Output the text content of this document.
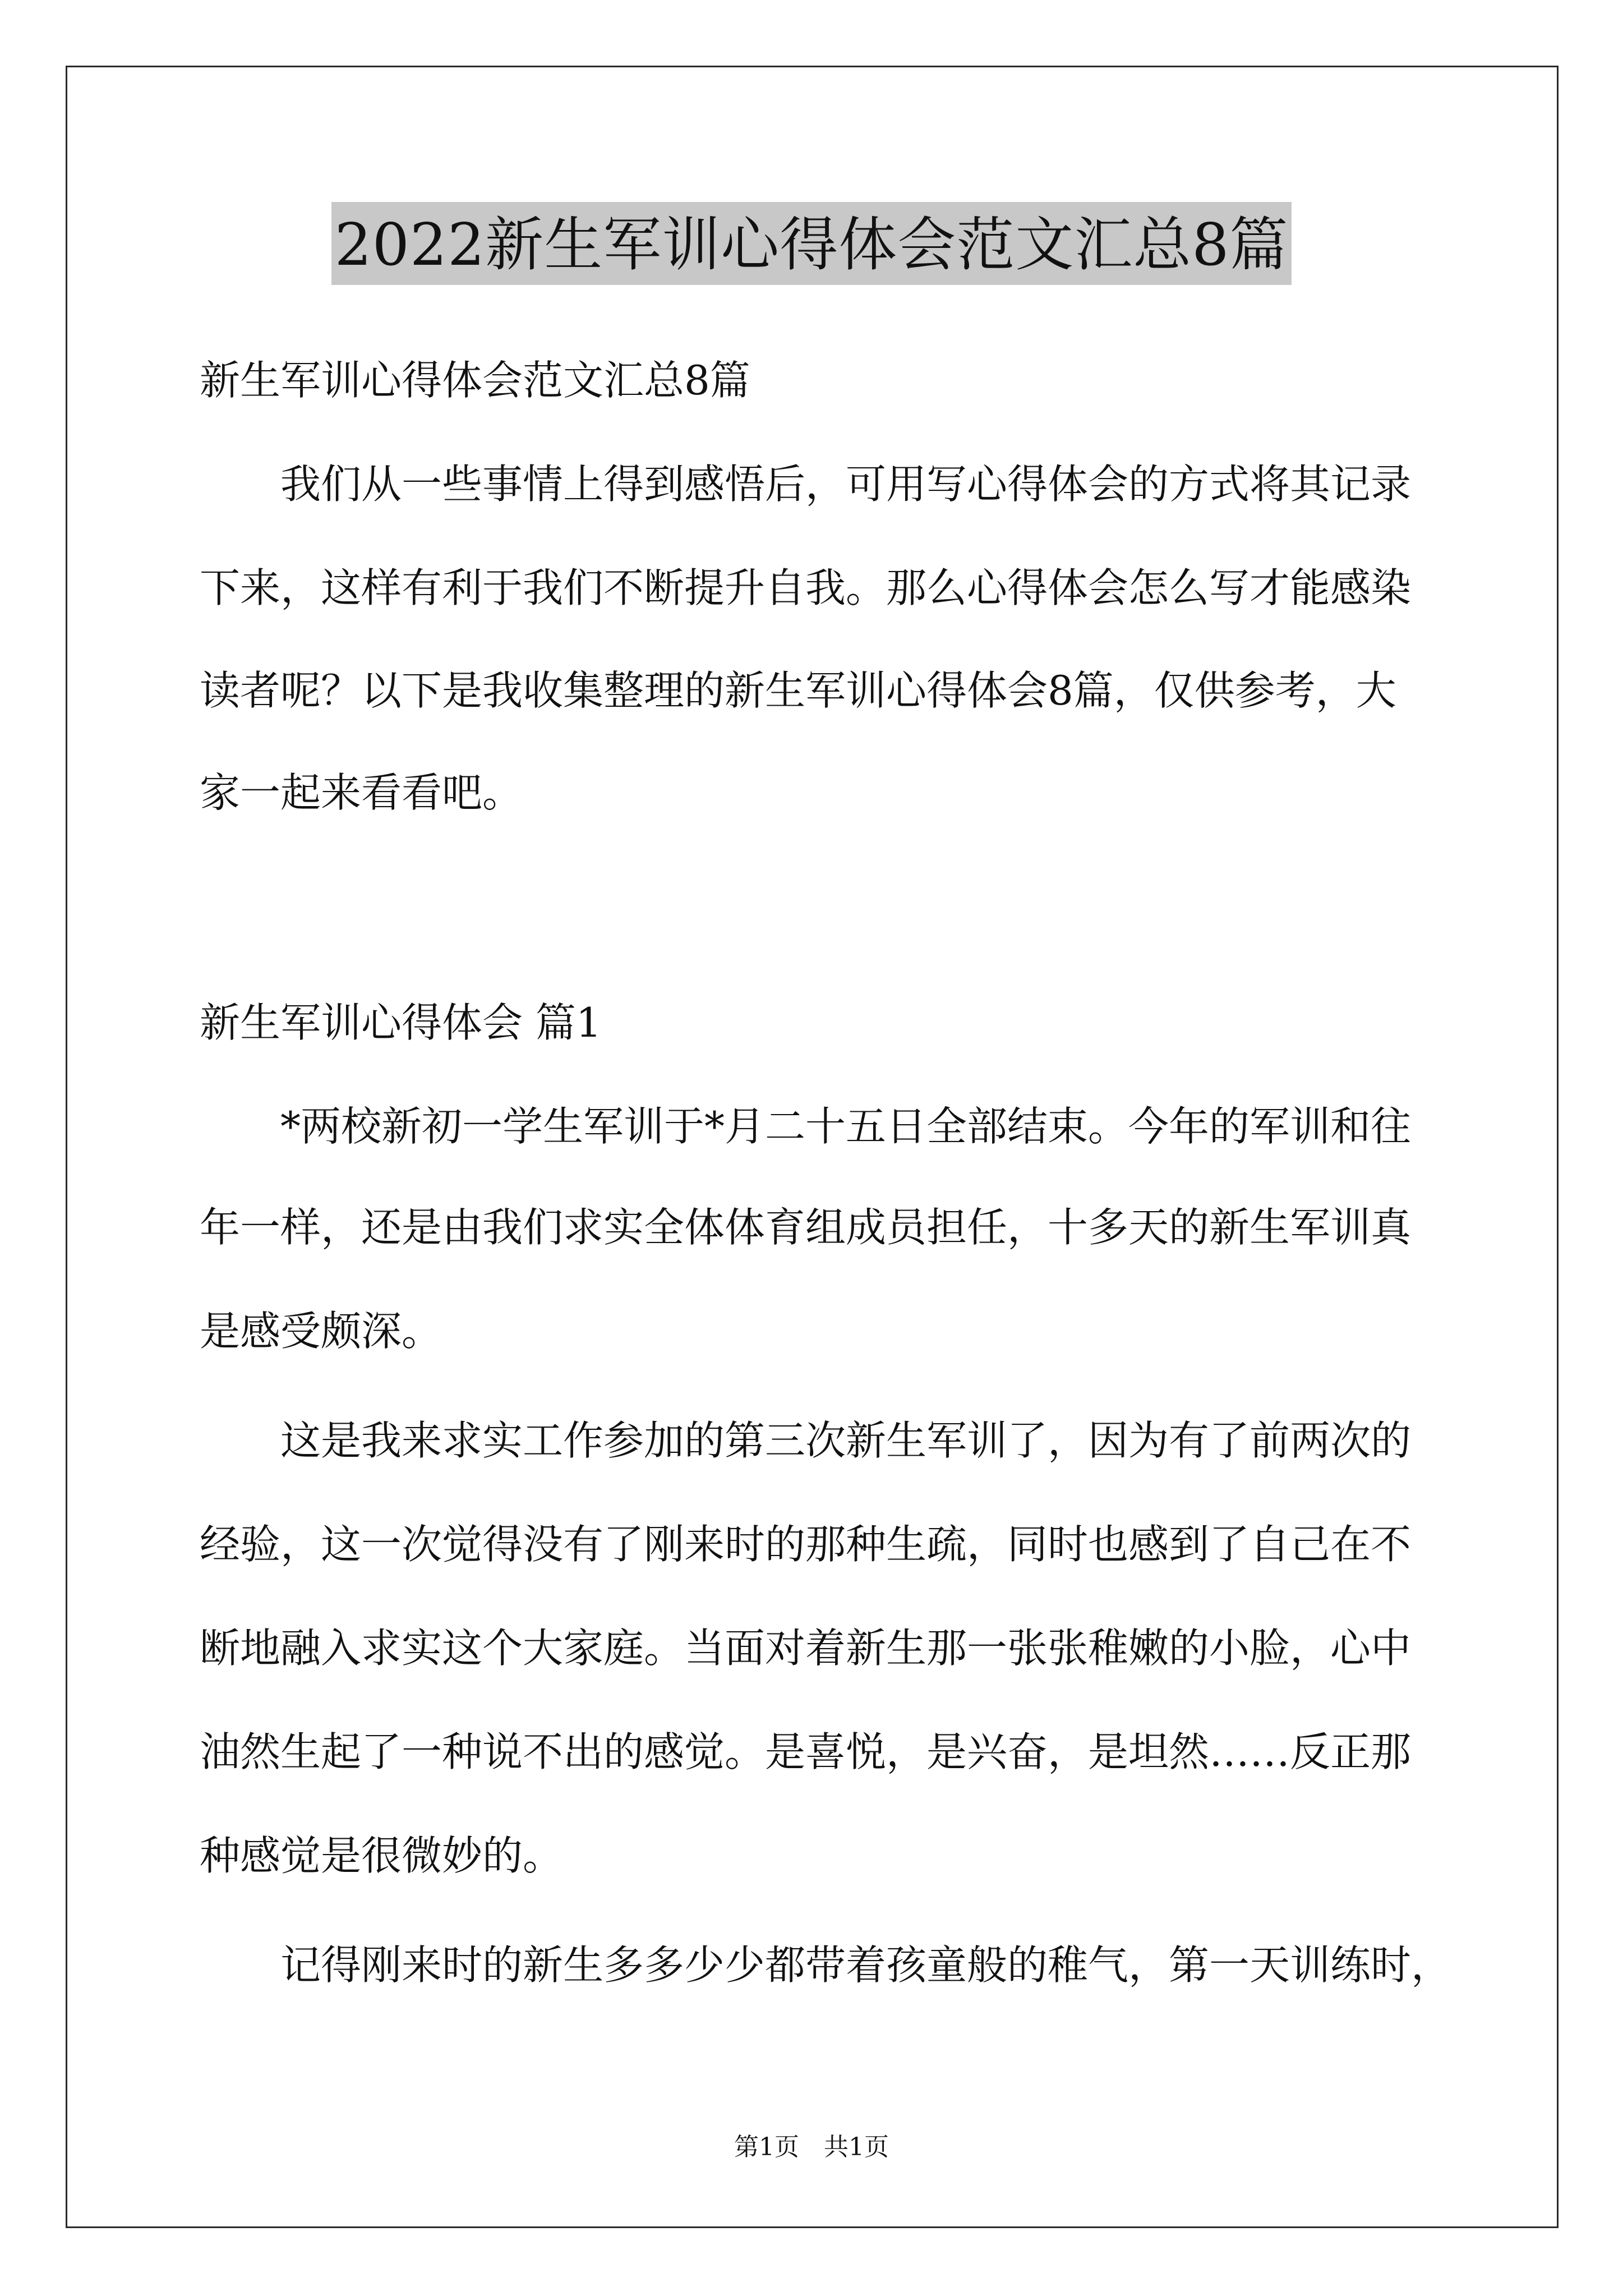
2022新生军训心得体会范文汇总8篇
新生军训心得体会范文汇总8篇
我们从一些事情上得到感悟后，可用写心得体会的方式将其记录
下来，这样有利于我们不断提升自我。那么心得体会怎么写才能感染
读者呢？以下是我收集整理的新生军训心得体会8篇，仅供参考，大
家一起来看看吧。
新生军训心得体会 篇1
*两校新初一学生军训于*月二十五日全部结束。今年的军训和往
年一样，还是由我们求实全体体育组成员担任，十多天的新生军训真
是感受颇深。
这是我来求实工作参加的第三次新生军训了，因为有了前两次的
经验，这一次觉得没有了刚来时的那种生疏，同时也感到了自己在不
断地融入求实这个大家庭。当面对着新生那一张张稚嫩的小脸，心中
油然生起了一种说不出的感觉。是喜悦，是兴奋，是坦然……反正那
种感觉是很微妙的。
记得刚来时的新生多多少少都带着孩童般的稚气，第一天训练时，
第1页　共1页
